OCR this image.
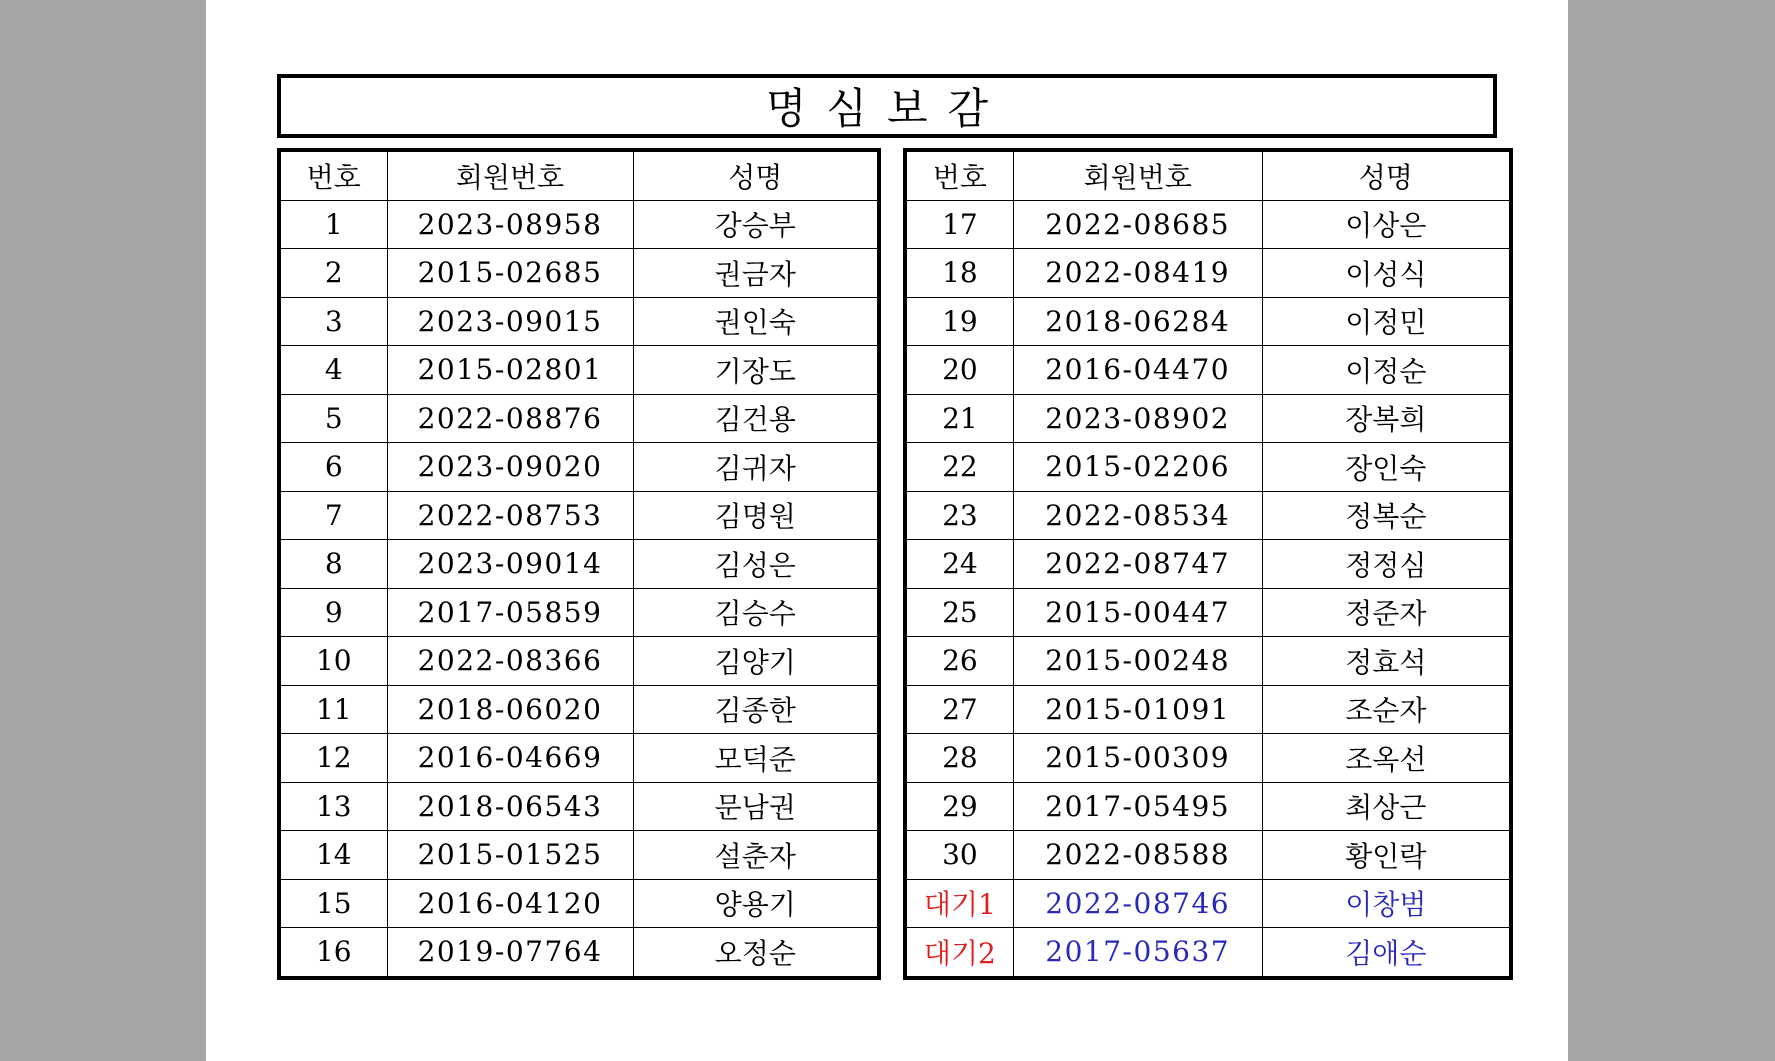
명심보감
번호	회원번호	성명
1	2023-08958	강승부
2	2015-02685	권금자
3	2023-09015	권인숙
4	2015-02801	기장도
5	2022-08876	김건용
6	2023-09020	김귀자
7	2022-08753	김명원
8	2023-09014	김성은
9	2017-05859	김승수
10	2022-08366	김양기
11	2018-06020	김종한
12	2016-04669	모덕준
13	2018-06543	문남권
14	2015-01525	설춘자
15	2016-04120	양용기
16	2019-07764	오정순
번호	회원번호	성명
17	2022-08685	이상은
18	2022-08419	이성식
19	2018-06284	이정민
20	2016-04470	이정순
21	2023-08902	장복희
22	2015-02206	장인숙
23	2022-08534	정복순
24	2022-08747	정정심
25	2015-00447	정준자
26	2015-00248	정효석
27	2015-01091	조순자
28	2015-00309	조옥선
29	2017-05495	최상근
30	2022-08588	황인락
대기1	2022-08746	이창범
대기2	2017-05637	김애순
